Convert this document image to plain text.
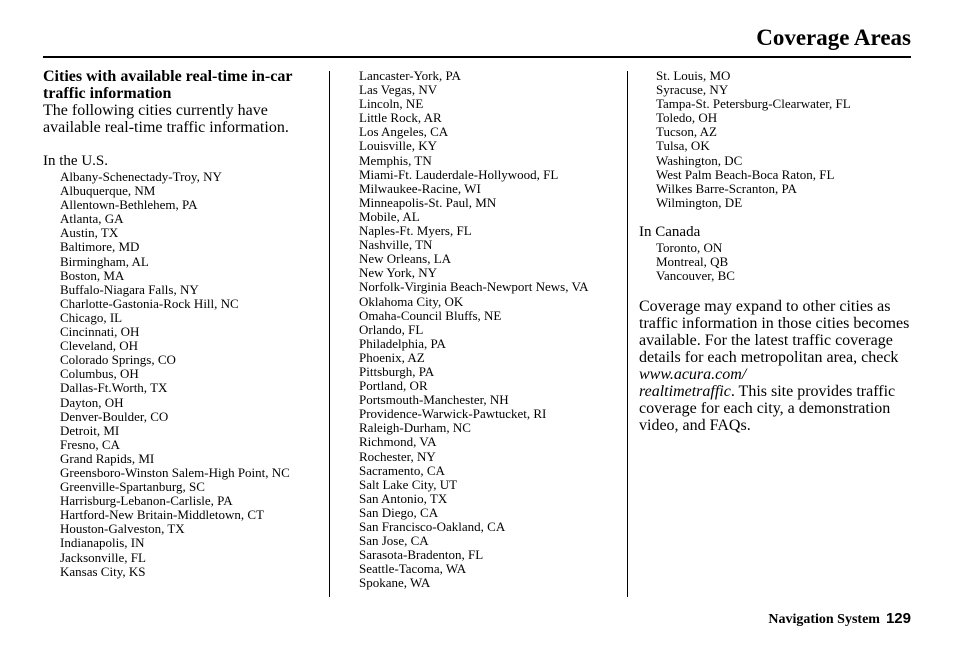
Coverage Areas
Cities with available real-time in-car traffic information
The following cities currently have available real-time traffic information.
In the U.S.
Albany-Schenectady-Troy, NY
Albuquerque, NM
Allentown-Bethlehem, PA
Atlanta, GA
Austin, TX
Baltimore, MD
Birmingham, AL
Boston, MA
Buffalo-Niagara Falls, NY
Charlotte-Gastonia-Rock Hill, NC
Chicago, IL
Cincinnati, OH
Cleveland, OH
Colorado Springs, CO
Columbus, OH
Dallas-Ft.Worth, TX
Dayton, OH
Denver-Boulder, CO
Detroit, MI
Fresno, CA
Grand Rapids, MI
Greensboro-Winston Salem-High Point, NC
Greenville-Spartanburg, SC
Harrisburg-Lebanon-Carlisle, PA
Hartford-New Britain-Middletown, CT
Houston-Galveston, TX
Indianapolis, IN
Jacksonville, FL
Kansas City, KS
Lancaster-York, PA
Las Vegas, NV
Lincoln, NE
Little Rock, AR
Los Angeles, CA
Louisville, KY
Memphis, TN
Miami-Ft. Lauderdale-Hollywood, FL
Milwaukee-Racine, WI
Minneapolis-St. Paul, MN
Mobile, AL
Naples-Ft. Myers, FL
Nashville, TN
New Orleans, LA
New York, NY
Norfolk-Virginia Beach-Newport News, VA
Oklahoma City, OK
Omaha-Council Bluffs, NE
Orlando, FL
Philadelphia, PA
Phoenix, AZ
Pittsburgh, PA
Portland, OR
Portsmouth-Manchester, NH
Providence-Warwick-Pawtucket, RI
Raleigh-Durham, NC
Richmond, VA
Rochester, NY
Sacramento, CA
Salt Lake City, UT
San Antonio, TX
San Diego, CA
San Francisco-Oakland, CA
San Jose, CA
Sarasota-Bradenton, FL
Seattle-Tacoma, WA
Spokane, WA
St. Louis, MO
Syracuse, NY
Tampa-St. Petersburg-Clearwater, FL
Toledo, OH
Tucson, AZ
Tulsa, OK
Washington, DC
West Palm Beach-Boca Raton, FL
Wilkes Barre-Scranton, PA
Wilmington, DE
In Canada
Toronto, ON
Montreal, QB
Vancouver, BC
Coverage may expand to other cities as traffic information in those cities becomes available. For the latest traffic coverage details for each metropolitan area, check www.acura.com/
realtimetraffic. This site provides traffic coverage for each city, a demonstration video, and FAQs.
Navigation System 129
